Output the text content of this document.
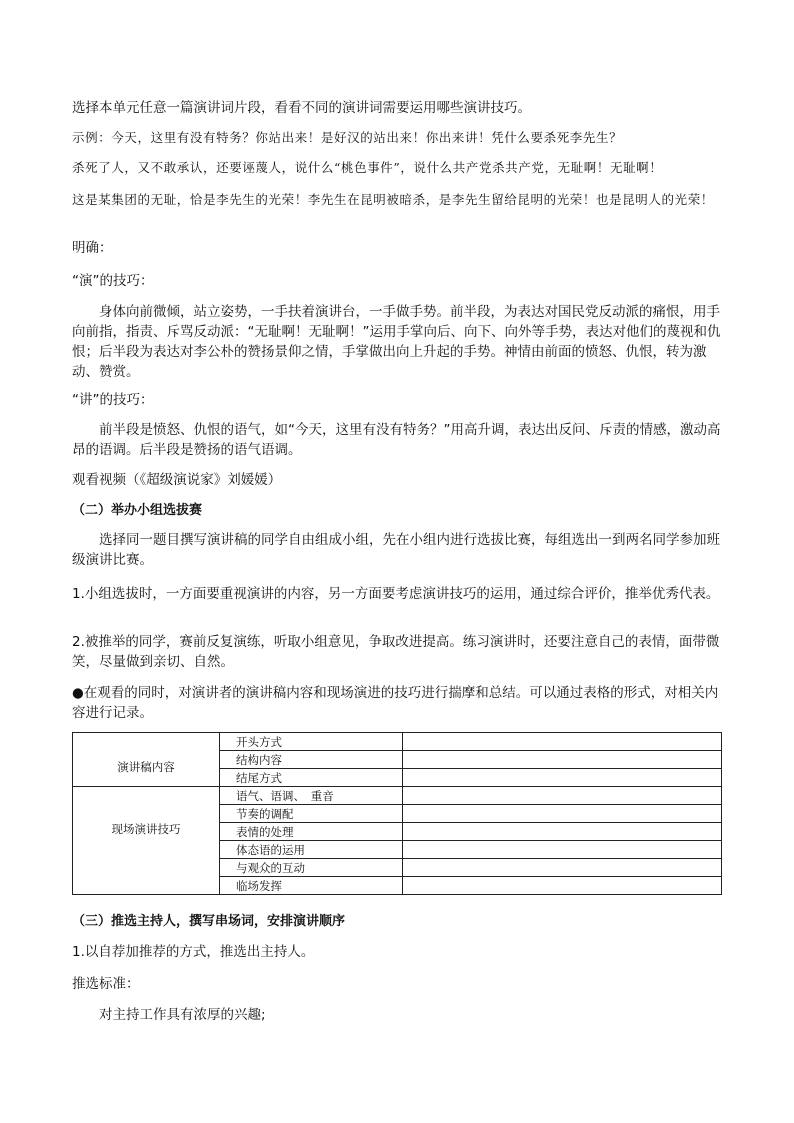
选择本单元任意一篇演讲词片段，看看不同的演讲词需要运用哪些演讲技巧。

示例：今天，这里有没有特务？你站出来！是好汉的站出来！你出来讲！凭什么要杀死李先生？

杀死了人，又不敢承认，还要诬蔑人，说什么“桃色事件”，说什么共产党杀共产党，无耻啊！无耻啊！

这是某集团的无耻，恰是李先生的光荣！李先生在昆明被暗杀，是李先生留给昆明的光荣！也是昆明人的光荣！

明确：

“演”的技巧：

身体向前微倾，站立姿势，一手扶着演讲台，一手做手势。前半段，为表达对国民党反动派的痛恨，用手向前指，指责、斥骂反动派：“无耻啊！无耻啊！”运用手掌向后、向下、向外等手势，表达对他们的蔑视和仇恨；后半段为表达对李公朴的赞扬景仰之情，手掌做出向上升起的手势。神情由前面的愤怒、仇恨，转为激动、赞赏。

“讲”的技巧：

前半段是愤怒、仇恨的语气，如“今天，这里有没有特务？”用高升调，表达出反问、斥责的情感，激动高昂的语调。后半段是赞扬的语气语调。

观看视频（《超级演说家》刘媛媛）

（二）举办小组选拔赛

选择同一题目撰写演讲稿的同学自由组成小组，先在小组内进行选拔比赛，每组选出一到两名同学参加班级演讲比赛。

1.小组选拔时，一方面要重视演讲的内容，另一方面要考虑演讲技巧的运用，通过综合评价，推举优秀代表。

2.被推举的同学，赛前反复演练，听取小组意见，争取改进提高。练习演讲时，还要注意自己的表情，面带微笑，尽量做到亲切、自然。

●在观看的同时，对演讲者的演讲稿内容和现场演进的技巧进行揣摩和总结。可以通过表格的形式，对相关内容进行记录。

演讲稿内容	开头方式	
	结构内容	
	结尾方式	
现场演讲技巧	语气、语调、　重音	
	节奏的调配	
	表情的处理	
	体态语的运用	
	与观众的互动	
	临场发挥	

（三）推选主持人，撰写串场词，安排演讲顺序

1.以自荐加推荐的方式，推选出主持人。

推选标准：

对主持工作具有浓厚的兴趣;
